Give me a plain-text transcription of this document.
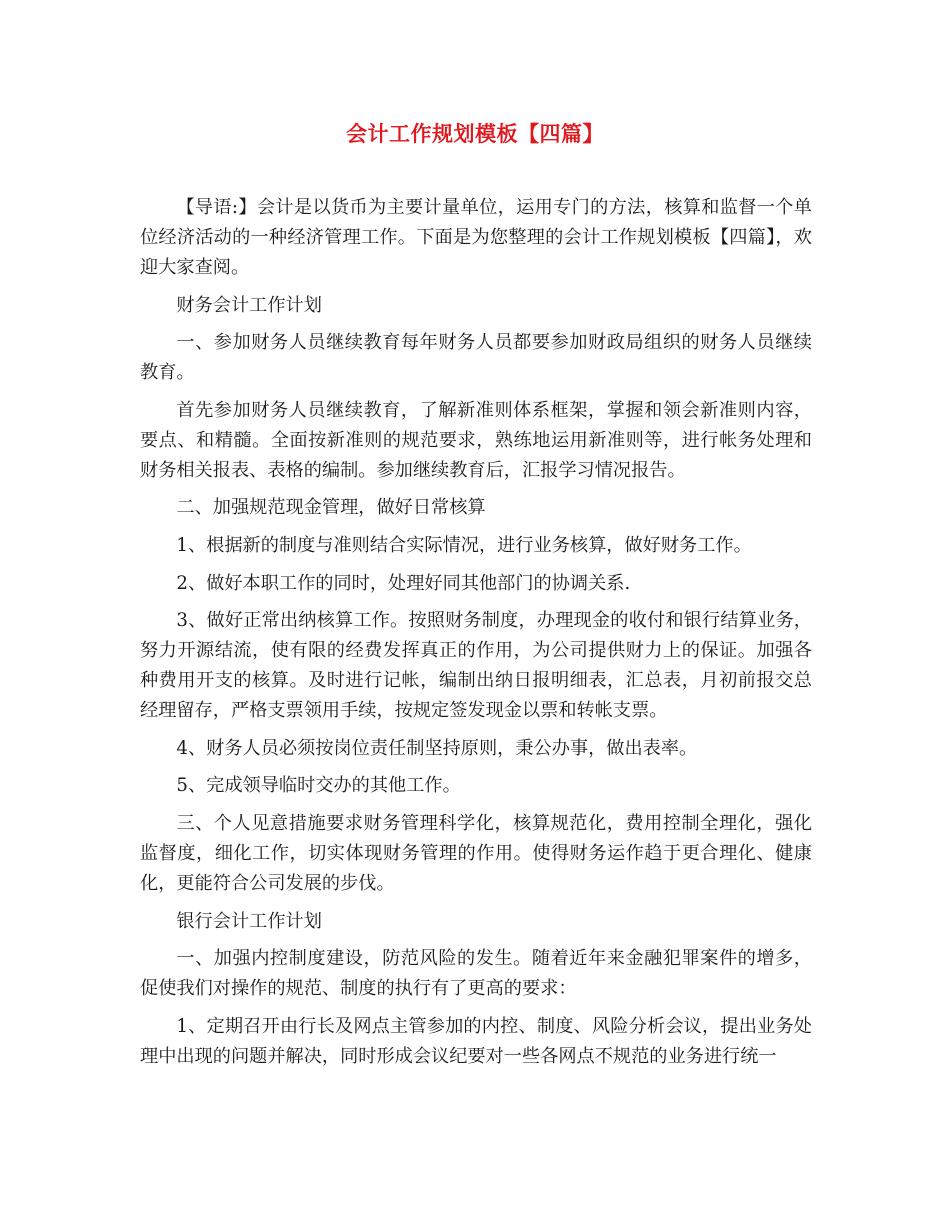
会计工作规划模板【四篇】

【导语:】会计是以货币为主要计量单位，运用专门的方法，核算和监督一个单位经济活动的一种经济管理工作。下面是为您整理的会计工作规划模板【四篇】，欢迎大家查阅。

财务会计工作计划

一、参加财务人员继续教育每年财务人员都要参加财政局组织的财务人员继续教育。

首先参加财务人员继续教育，了解新准则体系框架，掌握和领会新准则内容，要点、和精髓。全面按新准则的规范要求，熟练地运用新准则等，进行帐务处理和财务相关报表、表格的编制。参加继续教育后，汇报学习情况报告。

二、加强规范现金管理，做好日常核算

1、根据新的制度与准则结合实际情况，进行业务核算，做好财务工作。

2、做好本职工作的同时，处理好同其他部门的协调关系.

3、做好正常出纳核算工作。按照财务制度，办理现金的收付和银行结算业务，努力开源结流，使有限的经费发挥真正的作用，为公司提供财力上的保证。加强各种费用开支的核算。及时进行记帐，编制出纳日报明细表，汇总表，月初前报交总经理留存，严格支票领用手续，按规定签发现金以票和转帐支票。

4、财务人员必须按岗位责任制坚持原则，秉公办事，做出表率。

5、完成领导临时交办的其他工作。

三、个人见意措施要求财务管理科学化，核算规范化，费用控制全理化，强化监督度，细化工作，切实体现财务管理的作用。使得财务运作趋于更合理化、健康化，更能符合公司发展的步伐。

银行会计工作计划

一、加强内控制度建设，防范风险的发生。随着近年来金融犯罪案件的增多，促使我们对操作的规范、制度的执行有了更高的要求：

1、定期召开由行长及网点主管参加的内控、制度、风险分析会议，提出业务处理中出现的问题并解决，同时形成会议纪要对一些各网点不规范的业务进行统一
